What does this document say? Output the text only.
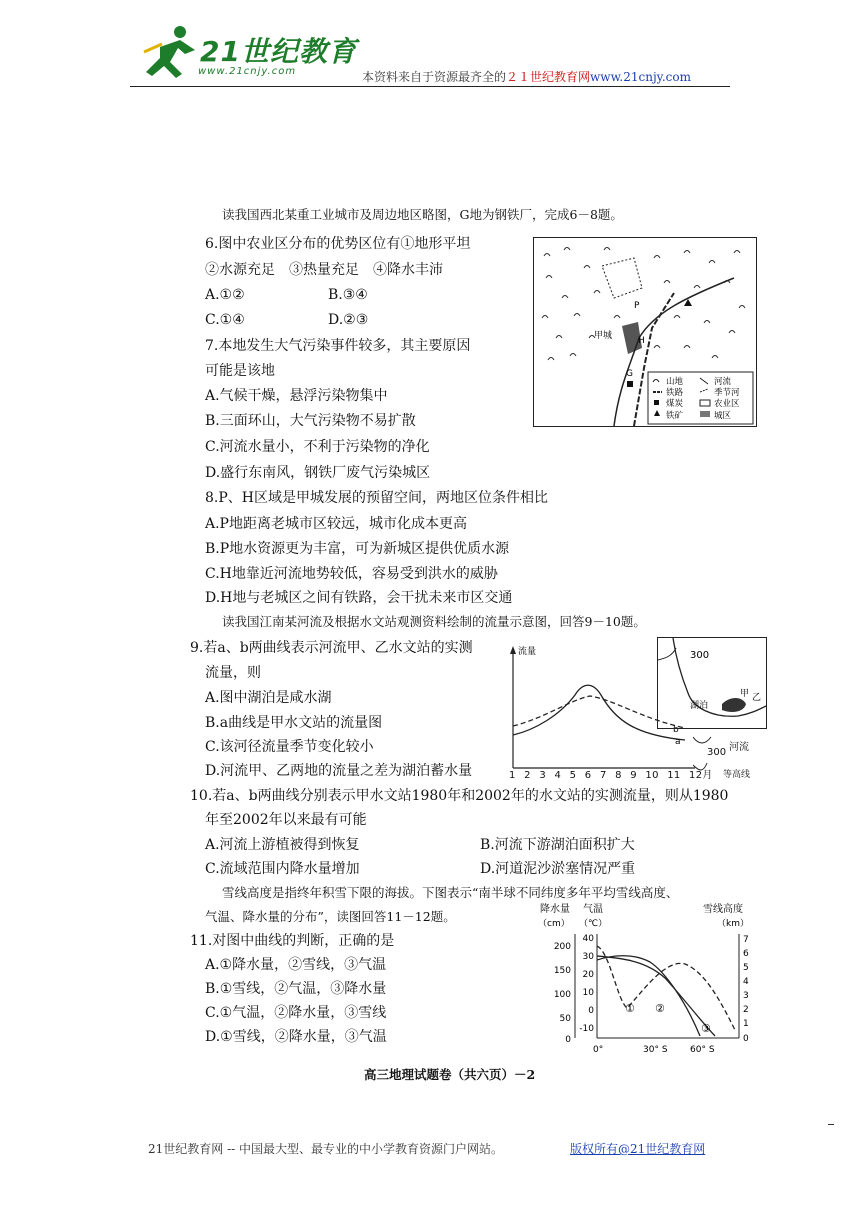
21世纪教育
www.21cnjy.com	本资料来自于资源最齐全的２１世纪教育网www.21cnjy.com
读我国西北某重工业城市及周边地区略图，G地为钢铁厂，完成6－8题。
6.图中农业区分布的优势区位有①地形平坦
②水源充足　③热量充足　④降水丰沛
A.①②	B.③④
C.①④	D.②③
7.本地发生大气污染事件较多，其主要原因
可能是该地
A.气候干燥，悬浮污染物集中
B.三面环山，大气污染物不易扩散
C.河流水量小，不利于污染物的净化
D.盛行东南风，钢铁厂废气污染城区
P
H
G
甲城
山地	河流
铁路	季节河
煤炭	农业区
铁矿	城区
8.P、H区域是甲城发展的预留空间，两地区位条件相比
A.P地距离老城市区较远，城市化成本更高
B.P地水资源更为丰富，可为新城区提供优质水源
C.H地靠近河流地势较低，容易受到洪水的威胁
D.H地与老城区之间有铁路，会干扰未来市区交通
读我国江南某河流及根据水文站观测资料绘制的流量示意图，回答9－10题。
9.若a、b两曲线表示河流甲、乙水文站的实测
流量，则
A.图中湖泊是咸水湖
B.a曲线是甲水文站的流量图
C.该河径流量季节变化较小
D.河流甲、乙两地的流量之差为湖泊蓄水量
流量
b
a
1 2 3 4 5 6 7 8 9 10 11 12月
300
湖泊
甲 乙
河流
300
等高线
10.若a、b两曲线分别表示甲水文站1980年和2002年的水文站的实测流量，则从1980
年至2002年以来最有可能
A.河流上游植被得到恢复	B.河流下游湖泊面积扩大
C.流域范围内降水量增加	D.河道泥沙淤塞情况严重
雪线高度是指终年积雪下限的海拔。下图表示“南半球不同纬度多年平均雪线高度、
气温、降水量的分布”，读图回答11－12题。
11.对图中曲线的判断，正确的是
A.①降水量，②雪线，③气温
B.①雪线，②气温，③降水量
C.①气温，②降水量，③雪线
D.①雪线，②降水量，③气温
降水量 气温
（cm） （℃）
雪线高度
（km）
200
150
100
50
0
40
30
20
10
0
-10
7
6
5
4
3
2
1
0
0°	30° S 60° S
① ②
③
高三地理试题卷（共六页）－2
21世纪教育网 -- 中国最大型、最专业的中小学教育资源门户网站。	版权所有@21世纪教育网
